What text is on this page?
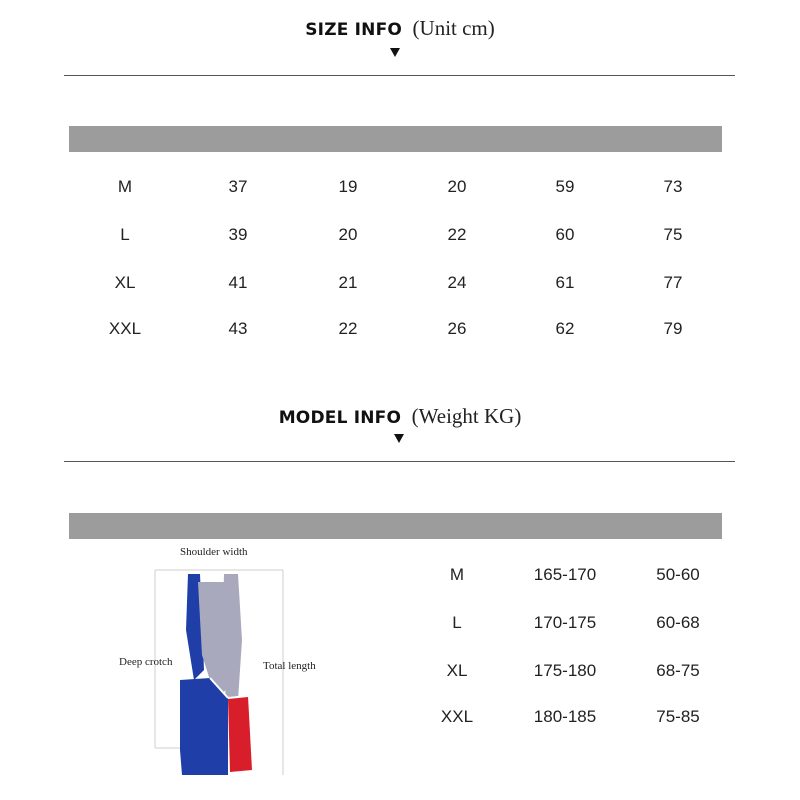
SIZE INFO (Unit cm)
M	37	19	20	59	73
L	39	20	22	60	75
XL	41	21	24	61	77
XXL	43	22	26	62	79
MODEL INFO (Weight KG)
M	165-170	50-60
L	170-175	60-68
XL	175-180	68-75
XXL	180-185	75-85
Shoulder width
Deep crotch	Total length
